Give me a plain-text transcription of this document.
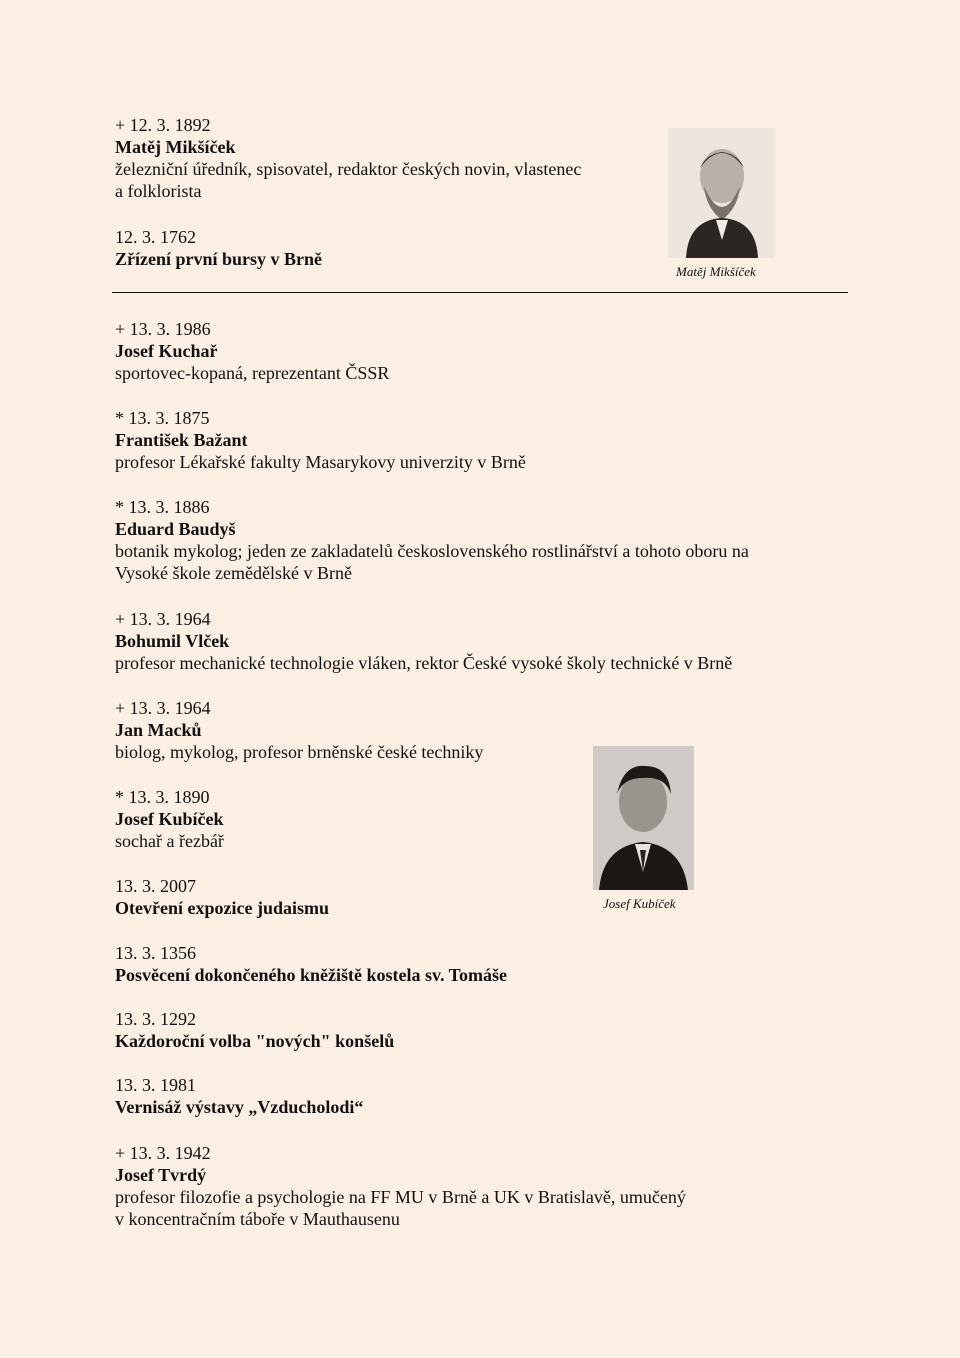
+ 12. 3. 1892
Matěj Mikšíček
železniční úředník, spisovatel, redaktor českých novin, vlastenec
a folklorista
12. 3. 1762
Zřízení první bursy v Brně
Matěj Mikšíček
+ 13. 3. 1986
Josef Kuchař
sportovec-kopaná, reprezentant ČSSR
* 13. 3. 1875
František Bažant
profesor Lékařské fakulty Masarykovy univerzity v Brně
* 13. 3. 1886
Eduard Baudyš
botanik mykolog; jeden ze zakladatelů československého rostlinářství a tohoto oboru na
Vysoké škole zemědělské v Brně
+ 13. 3. 1964
Bohumil Vlček
profesor mechanické technologie vláken, rektor České vysoké školy technické v Brně
+ 13. 3. 1964
Jan Macků
biolog, mykolog, profesor brněnské české techniky
* 13. 3. 1890
Josef Kubíček
sochař a řezbář
13. 3. 2007
Otevření expozice judaismu	Josef Kubíček
13. 3. 1356
Posvěcení dokončeného kněžiště kostela sv. Tomáše
13. 3. 1292
Každoroční volba "nových" konšelů
13. 3. 1981
Vernisáž výstavy „Vzducholodi“
+ 13. 3. 1942
Josef Tvrdý
profesor filozofie a psychologie na FF MU v Brně a UK v Bratislavě, umučený
v koncentračním táboře v Mauthausenu
